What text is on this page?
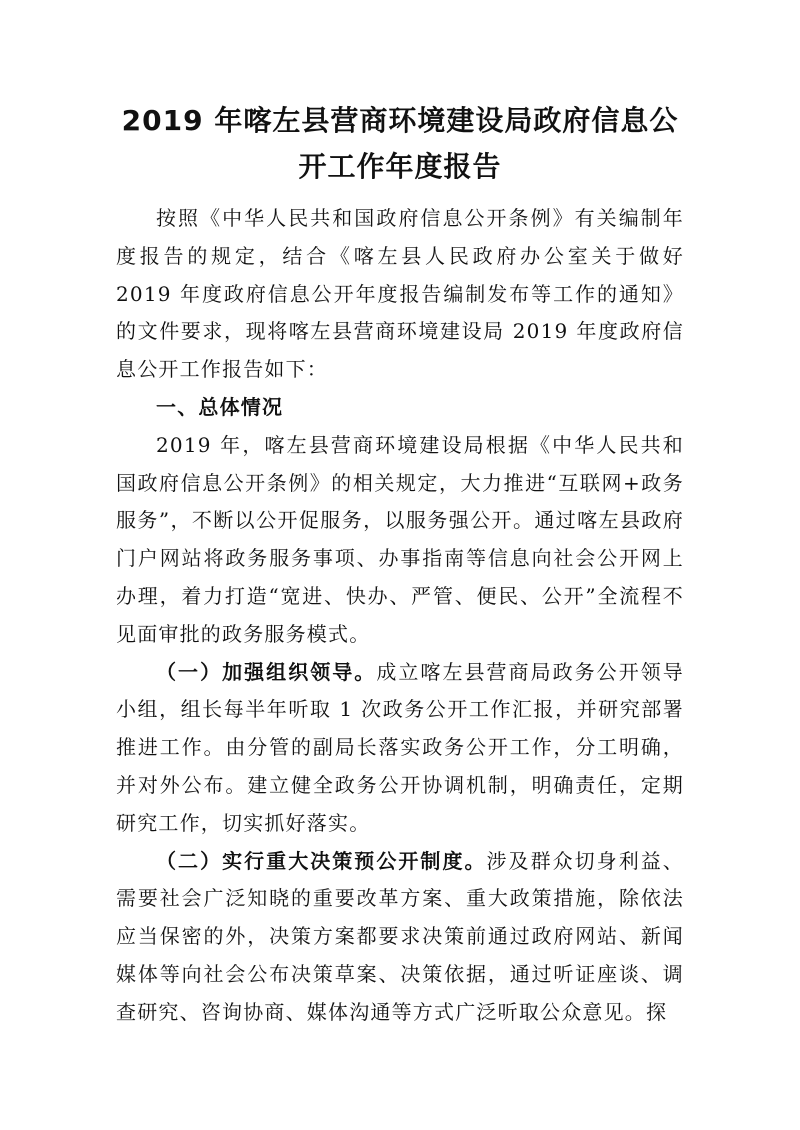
2019 年喀左县营商环境建设局政府信息公
开工作年度报告

按照《中华人民共和国政府信息公开条例》有关编制年度报告的规定，结合《喀左县人民政府办公室关于做好 2019 年度政府信息公开年度报告编制发布等工作的通知》的文件要求，现将喀左县营商环境建设局 2019 年度政府信息公开工作报告如下：

一、总体情况

2019 年，喀左县营商环境建设局根据《中华人民共和国政府信息公开条例》的相关规定，大力推进“互联网+政务服务”，不断以公开促服务，以服务强公开。通过喀左县政府门户网站将政务服务事项、办事指南等信息向社会公开网上办理，着力打造“宽进、快办、严管、便民、公开”全流程不见面审批的政务服务模式。

（一）加强组织领导。成立喀左县营商局政务公开领导小组，组长每半年听取 1 次政务公开工作汇报，并研究部署推进工作。由分管的副局长落实政务公开工作，分工明确，并对外公布。建立健全政务公开协调机制，明确责任，定期研究工作，切实抓好落实。

（二）实行重大决策预公开制度。涉及群众切身利益、需要社会广泛知晓的重要改革方案、重大政策措施，除依法应当保密的外，决策方案都要求决策前通过政府网站、新闻媒体等向社会公布决策草案、决策依据，通过听证座谈、调查研究、咨询协商、媒体沟通等方式广泛听取公众意见。探
